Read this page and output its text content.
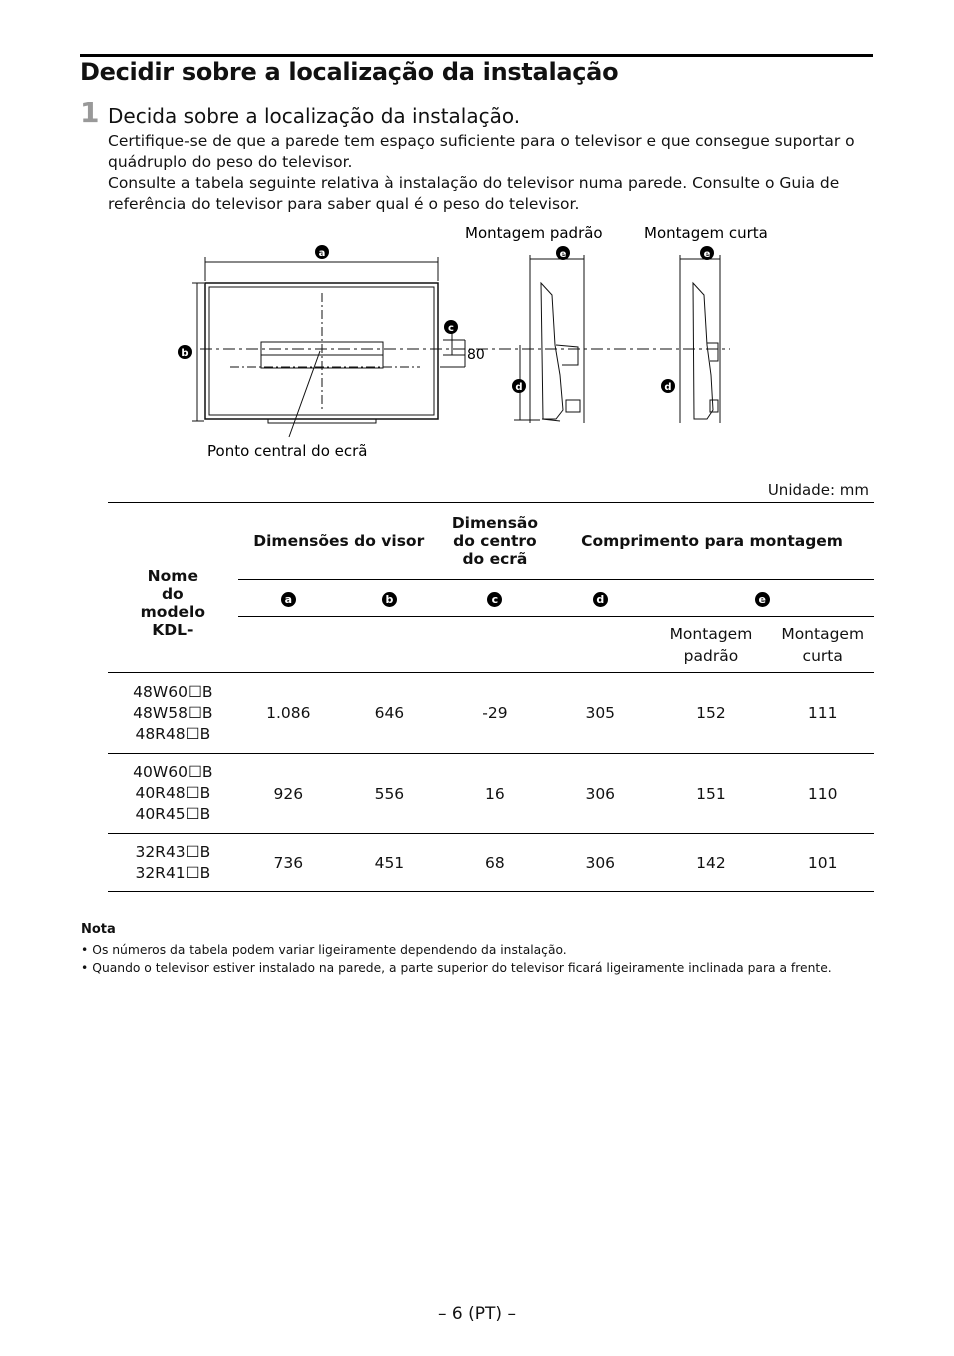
Decidir sobre a localização da instalação
1 Decida sobre a localização da instalação.

Certifique-se de que a parede tem espaço suficiente para o televisor e que consegue suportar o quádruplo do peso do televisor.

Consulte a tabela seguinte relativa à instalação do televisor numa parede. Consulte o Guia de referência do televisor para saber qual é o peso do televisor.

80
Montagem padrão	Montagem curta
Ponto central do ecrã
a
b
c
d
e
d
e
Unidade: mm
Nome do modelo KDL-	Dimensões do visor		Dimensão do centro do ecrã	Comprimento para montagem		
	a	b	c	d	e	
					Montagem padrão	Montagem curta

48W60☐B
48W58☐B
48R48☐B	1.086	646	-29	305	152	111

40W60☐B
40R48☐B
40R45☐B	926	556	16	306	151	110

32R43☐B
32R41☐B	736	451	68	306	142	101

Nota
• Os números da tabela podem variar ligeiramente dependendo da instalação.
• Quando o televisor estiver instalado na parede, a parte superior do televisor ficará ligeiramente inclinada para a frente.
– 6 (PT) –
